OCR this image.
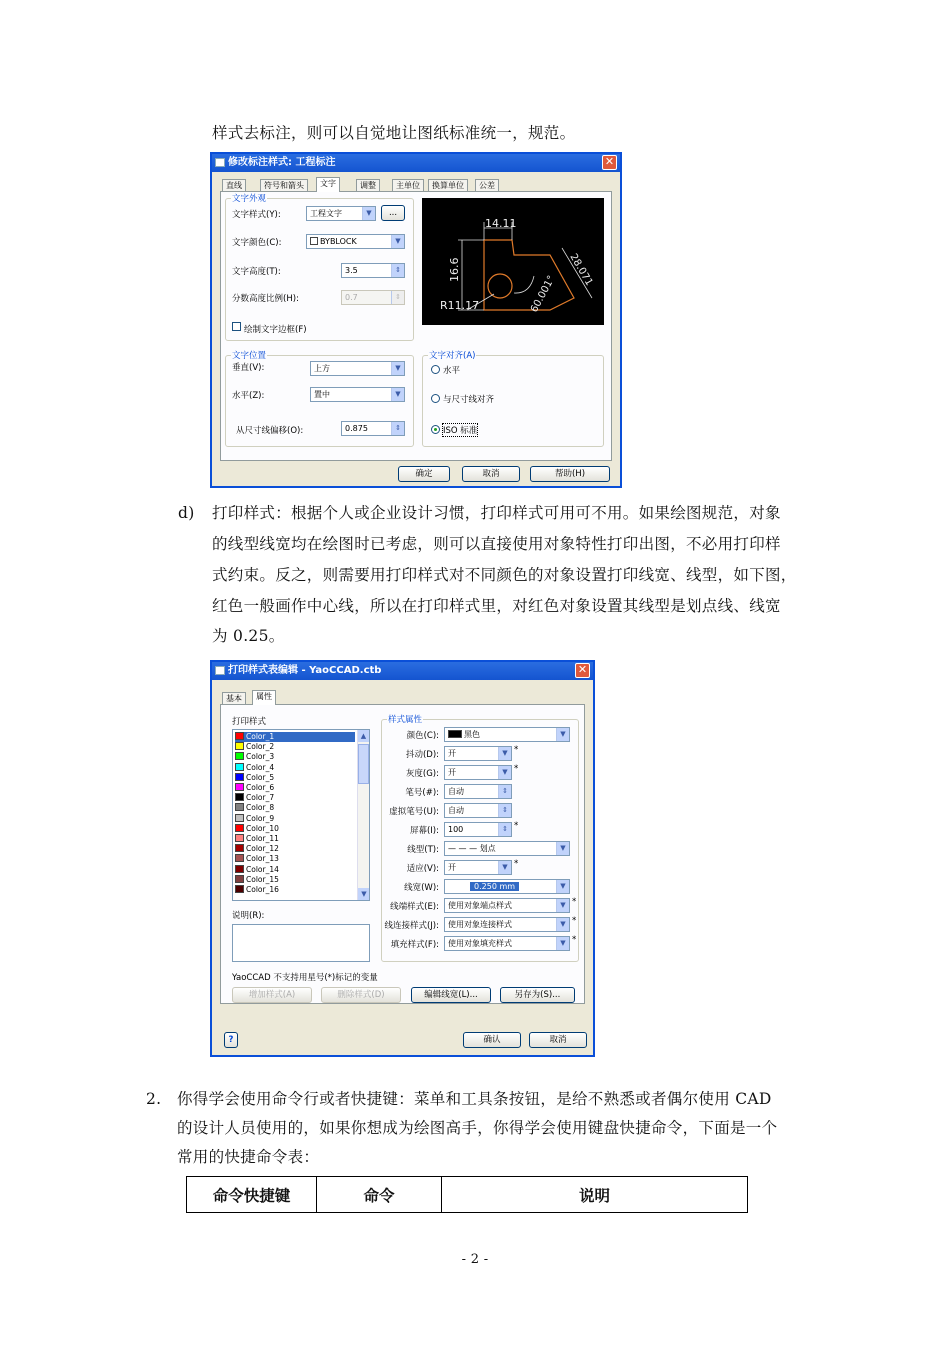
样式去标注，则可以自觉地让图纸标准统一，规范。
修改标注样式: 工程标注	✕
直线	符号和箭头	文字	调整	主单位	换算单位	公差
文字外观
文字样式(Y):	工程文字	▼	...
文字颜色(C):	BYBLOCK	▼
文字高度(T):	3.5	⇕
分数高度比例(H):	0.7	⇕
绘制文字边框(F)
14.11
16.6
R11.17	60.001°
28.071
文字位置
垂直(V):	上方	▼
水平(Z):	置中	▼
从尺寸线偏移(O):	0.875	⇕
文字对齐(A)
水平
与尺寸线对齐
ISO 标准
确定	取消	帮助(H)
d) 打印样式：根据个人或企业设计习惯，打印样式可用可不用。如果绘图规范，对象
的线型线宽均在绘图时已考虑，则可以直接使用对象特性打印出图，不必用打印样
式约束。反之，则需要用打印样式对不同颜色的对象设置打印线宽、线型，如下图，
红色一般画作中心线，所以在打印样式里，对红色对象设置其线型是划点线、线宽
为 0.25。
打印样式表编辑 - YaoCCAD.ctb	✕
基本	属性
打印样式
Color_1
Color_2
Color_3
Color_4
Color_5
Color_6
Color_7
Color_8
Color_9
Color_10
Color_11
Color_12
Color_13
Color_14
Color_15
Color_16
▲
▼
说明(R):
样式属性
颜色(C):	黑色	▼
抖动(D):	开	▼ *
灰度(G):	开	▼ *
笔号(#):	自动	⇕
虚拟笔号(U):	自动	⇕
屏幕(I):	100	⇕ *
线型(T):	— — — 划点	▼
适应(V):	开	▼ *
线宽(W):	0.250 mm	▼
线端样式(E):	使用对象端点样式	▼ *
线连接样式(J):	使用对象连接样式	▼ *
填充样式(F):	使用对象填充样式	▼ *
YaoCCAD 不支持用星号(*)标记的变量
增加样式(A)	删除样式(D)	编辑线宽(L)...	另存为(S)...
?	确认	取消
2. 你得学会使用命令行或者快捷键：菜单和工具条按钮，是给不熟悉或者偶尔使用 CAD
的设计人员使用的，如果你想成为绘图高手，你得学会使用键盘快捷命令，下面是一个
常用的快捷命令表：
命令快捷键	命令	说明
- 2 -
